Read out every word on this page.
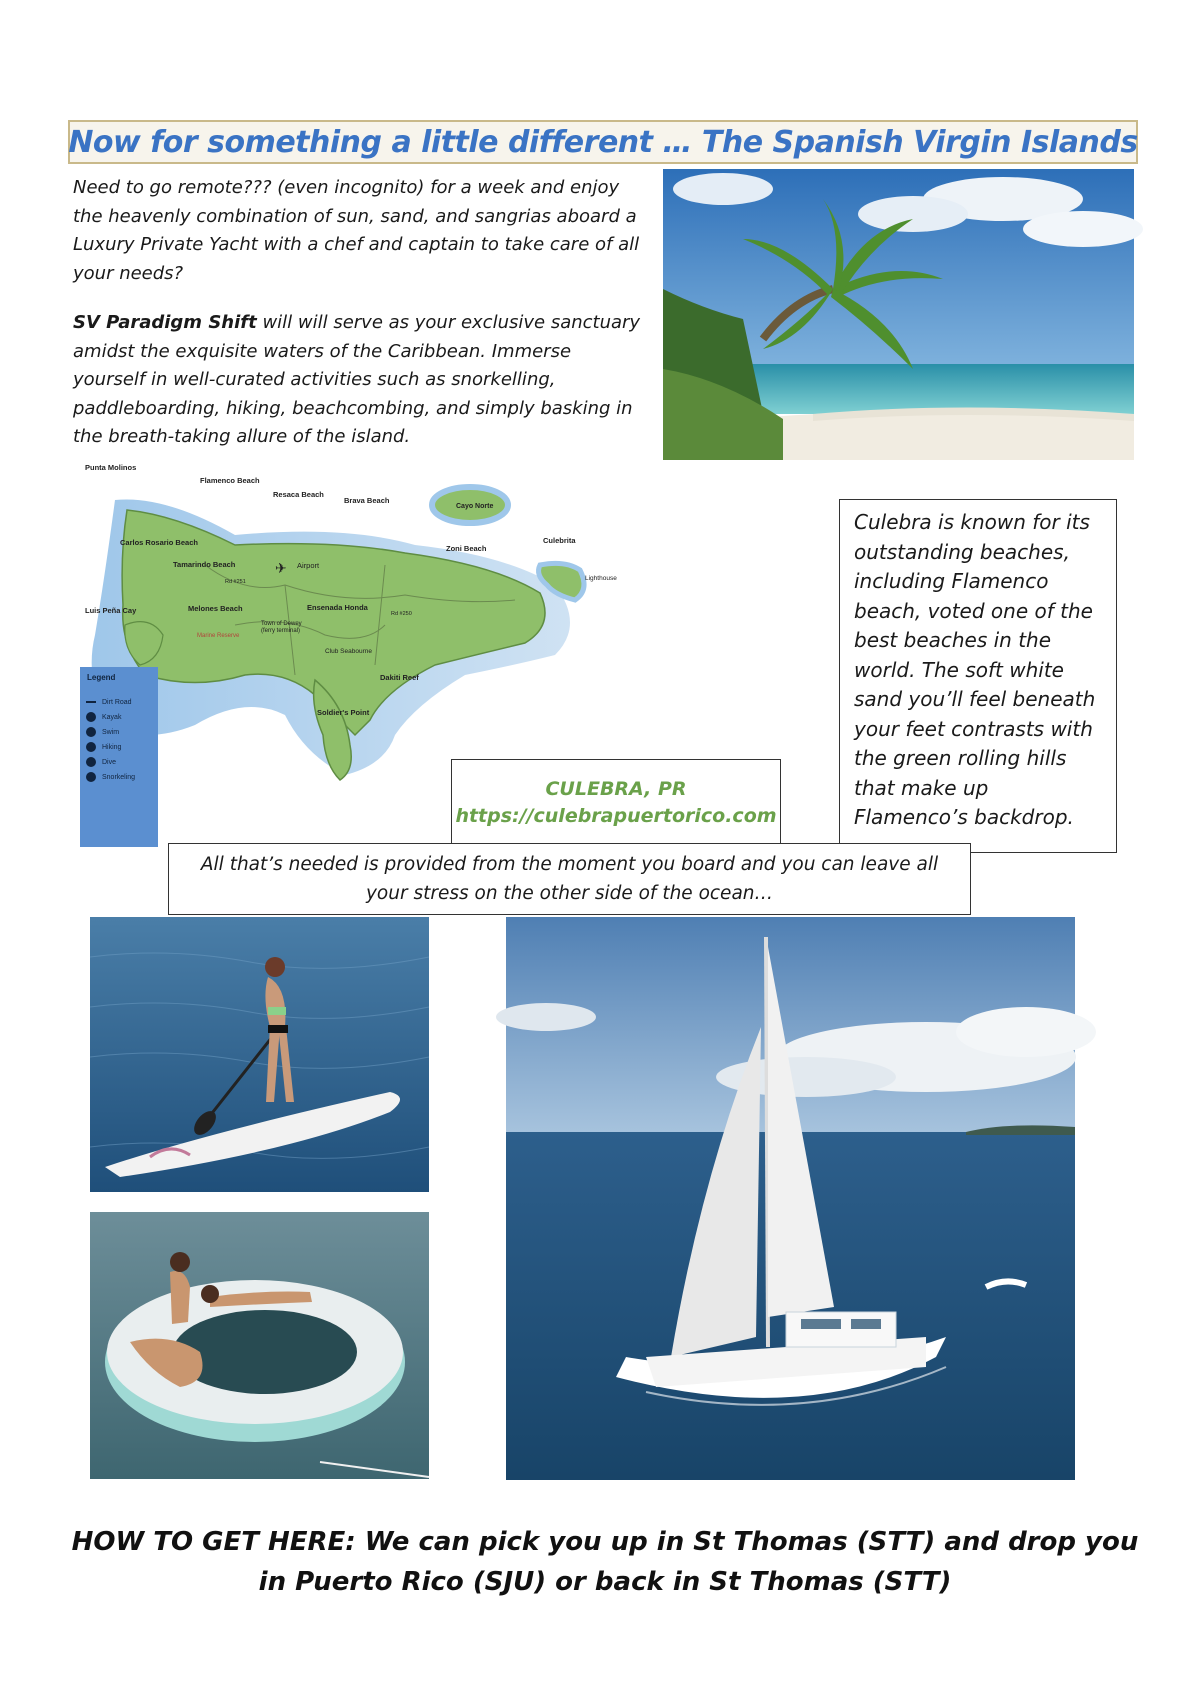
Now for something a little different … The Spanish Virgin Islands
Need to go remote??? (even incognito) for a week and enjoy the heavenly combination of sun, sand, and sangrias aboard a Luxury Private Yacht with a chef and captain to take care of all your needs?
SV Paradigm Shift will will serve as your exclusive sanctuary amidst the exquisite waters of the Caribbean. Immerse yourself in well-curated activities such as snorkelling, paddleboarding, hiking, beachcombing, and simply basking in the breath-taking allure of the island.
Punta Molinos
Flamenco Beach
Resaca Beach
Brava Beach
Cayo Norte
Zoni Beach
Culebrita
Lighthouse
Carlos Rosario Beach
Tamarindo Beach	Airport
Luis Peña Cay	Melones Beach	Ensenada Honda
Town of Dewey
(ferry terminal)
Marine Reserve
Club Seabourne
Dakiti Reef
Soldier's Point
Rd #251
Rd #250
✈
Legend
Dirt Road
Kayak
Swim
Hiking
Dive
Snorkeling
Culebra is known for its outstanding beaches, including Flamenco beach, voted one of the best beaches in the world. The soft white sand you’ll feel beneath your feet contrasts with the green rolling hills that make up Flamenco’s backdrop.
CULEBRA, PR
https://culebrapuertorico.com
All that’s needed is provided from the moment you board and you can leave all your stress on the other side of the ocean…
HOW TO GET HERE: We can pick you up in St Thomas (STT) and drop you in Puerto Rico (SJU) or back in St Thomas (STT)
